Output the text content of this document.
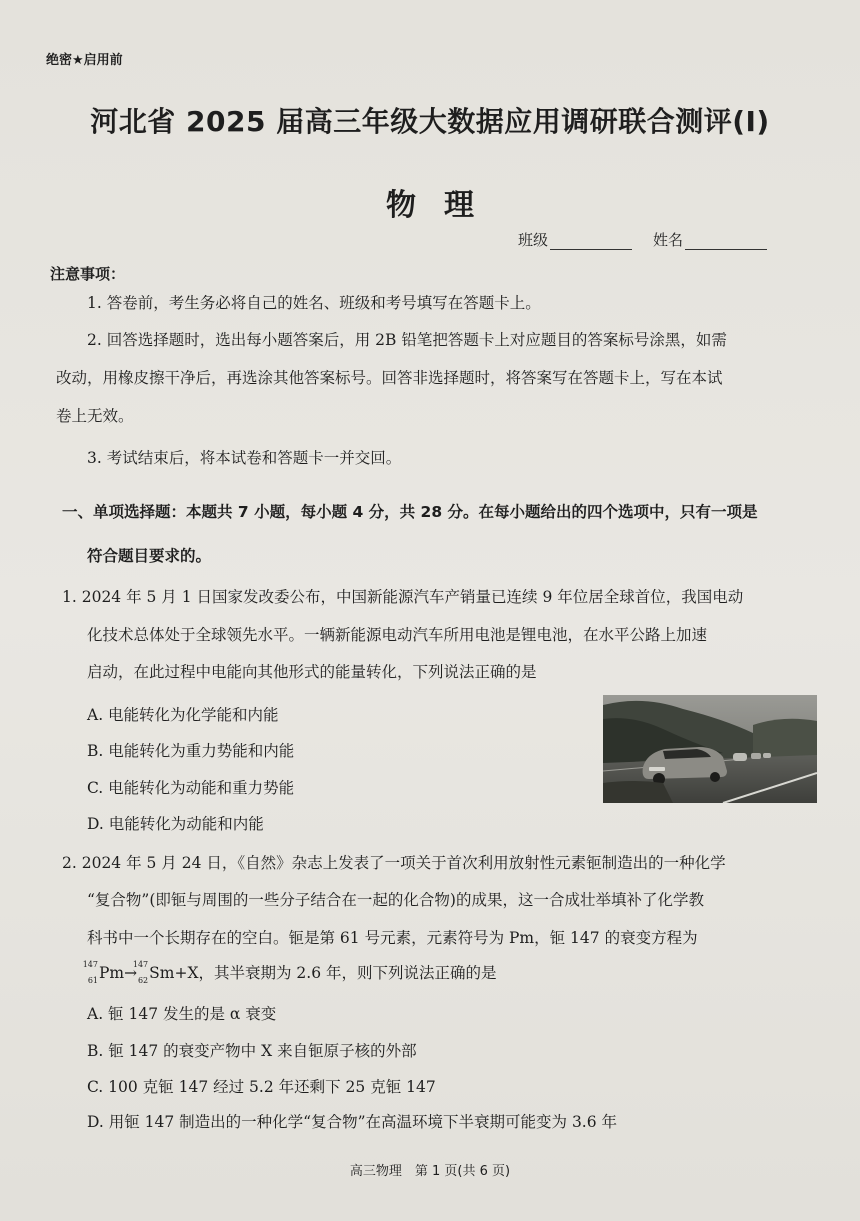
绝密★启用前
河北省 2025 届高三年级大数据应用调研联合测评(I)
物理
班级	姓名
注意事项：
1. 答卷前，考生务必将自己的姓名、班级和考号填写在答题卡上。
2. 回答选择题时，选出每小题答案后，用 2B 铅笔把答题卡上对应题目的答案标号涂黑，如需
改动，用橡皮擦干净后，再选涂其他答案标号。回答非选择题时，将答案写在答题卡上，写在本试
卷上无效。
3. 考试结束后，将本试卷和答题卡一并交回。
一、单项选择题：本题共 7 小题，每小题 4 分，共 28 分。在每小题给出的四个选项中，只有一项是
符合题目要求的。
1. 2024 年 5 月 1 日国家发改委公布，中国新能源汽车产销量已连续 9 年位居全球首位，我国电动
化技术总体处于全球领先水平。一辆新能源电动汽车所用电池是锂电池，在水平公路上加速
启动，在此过程中电能向其他形式的能量转化，下列说法正确的是
A. 电能转化为化学能和内能
B. 电能转化为重力势能和内能
C. 电能转化为动能和重力势能
D. 电能转化为动能和内能
2. 2024 年 5 月 24 日，《自然》杂志上发表了一项关于首次利用放射性元素钷制造出的一种化学
“复合物”(即钷与周围的一些分子结合在一起的化合物)的成果，这一合成壮举填补了化学教
科书中一个长期存在的空白。钷是第 61 号元素，元素符号为 Pm，钷 147 的衰变方程为
147
61 Pm→
147
62 Sm+X，其半衰期为 2.6 年，则下列说法正确的是
A. 钷 147 发生的是 α 衰变
B. 钷 147 的衰变产物中 X 来自钷原子核的外部
C. 100 克钷 147 经过 5.2 年还剩下 25 克钷 147
D. 用钷 147 制造出的一种化学“复合物”在高温环境下半衰期可能变为 3.6 年
高三物理　第 1 页(共 6 页)
